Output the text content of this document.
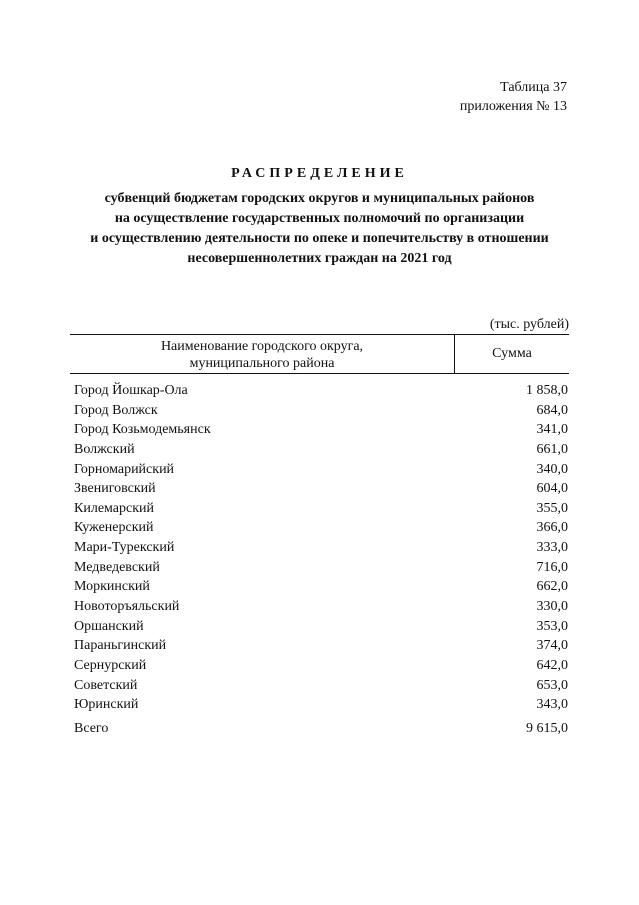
Таблица 37
приложения № 13
РАСПРЕДЕЛЕНИЕ
субвенций бюджетам городских округов и муниципальных районов
на осуществление государственных полномочий по организации
и осуществлению деятельности по опеке и попечительству в отношении
несовершеннолетних граждан на 2021 год
(тыс. рублей)
Наименование городского округа,
муниципального района
Сумма
Город Йошкар-Ола	1 858,0
Город Волжск	684,0
Город Козьмодемьянск	341,0
Волжский	661,0
Горномарийский	340,0
Звениговский	604,0
Килемарский	355,0
Куженерский	366,0
Мари-Турекский	333,0
Медведевский	716,0
Моркинский	662,0
Новоторъяльский	330,0
Оршанский	353,0
Параньгинский	374,0
Сернурский	642,0
Советский	653,0
Юринский	343,0
Всего	9 615,0
